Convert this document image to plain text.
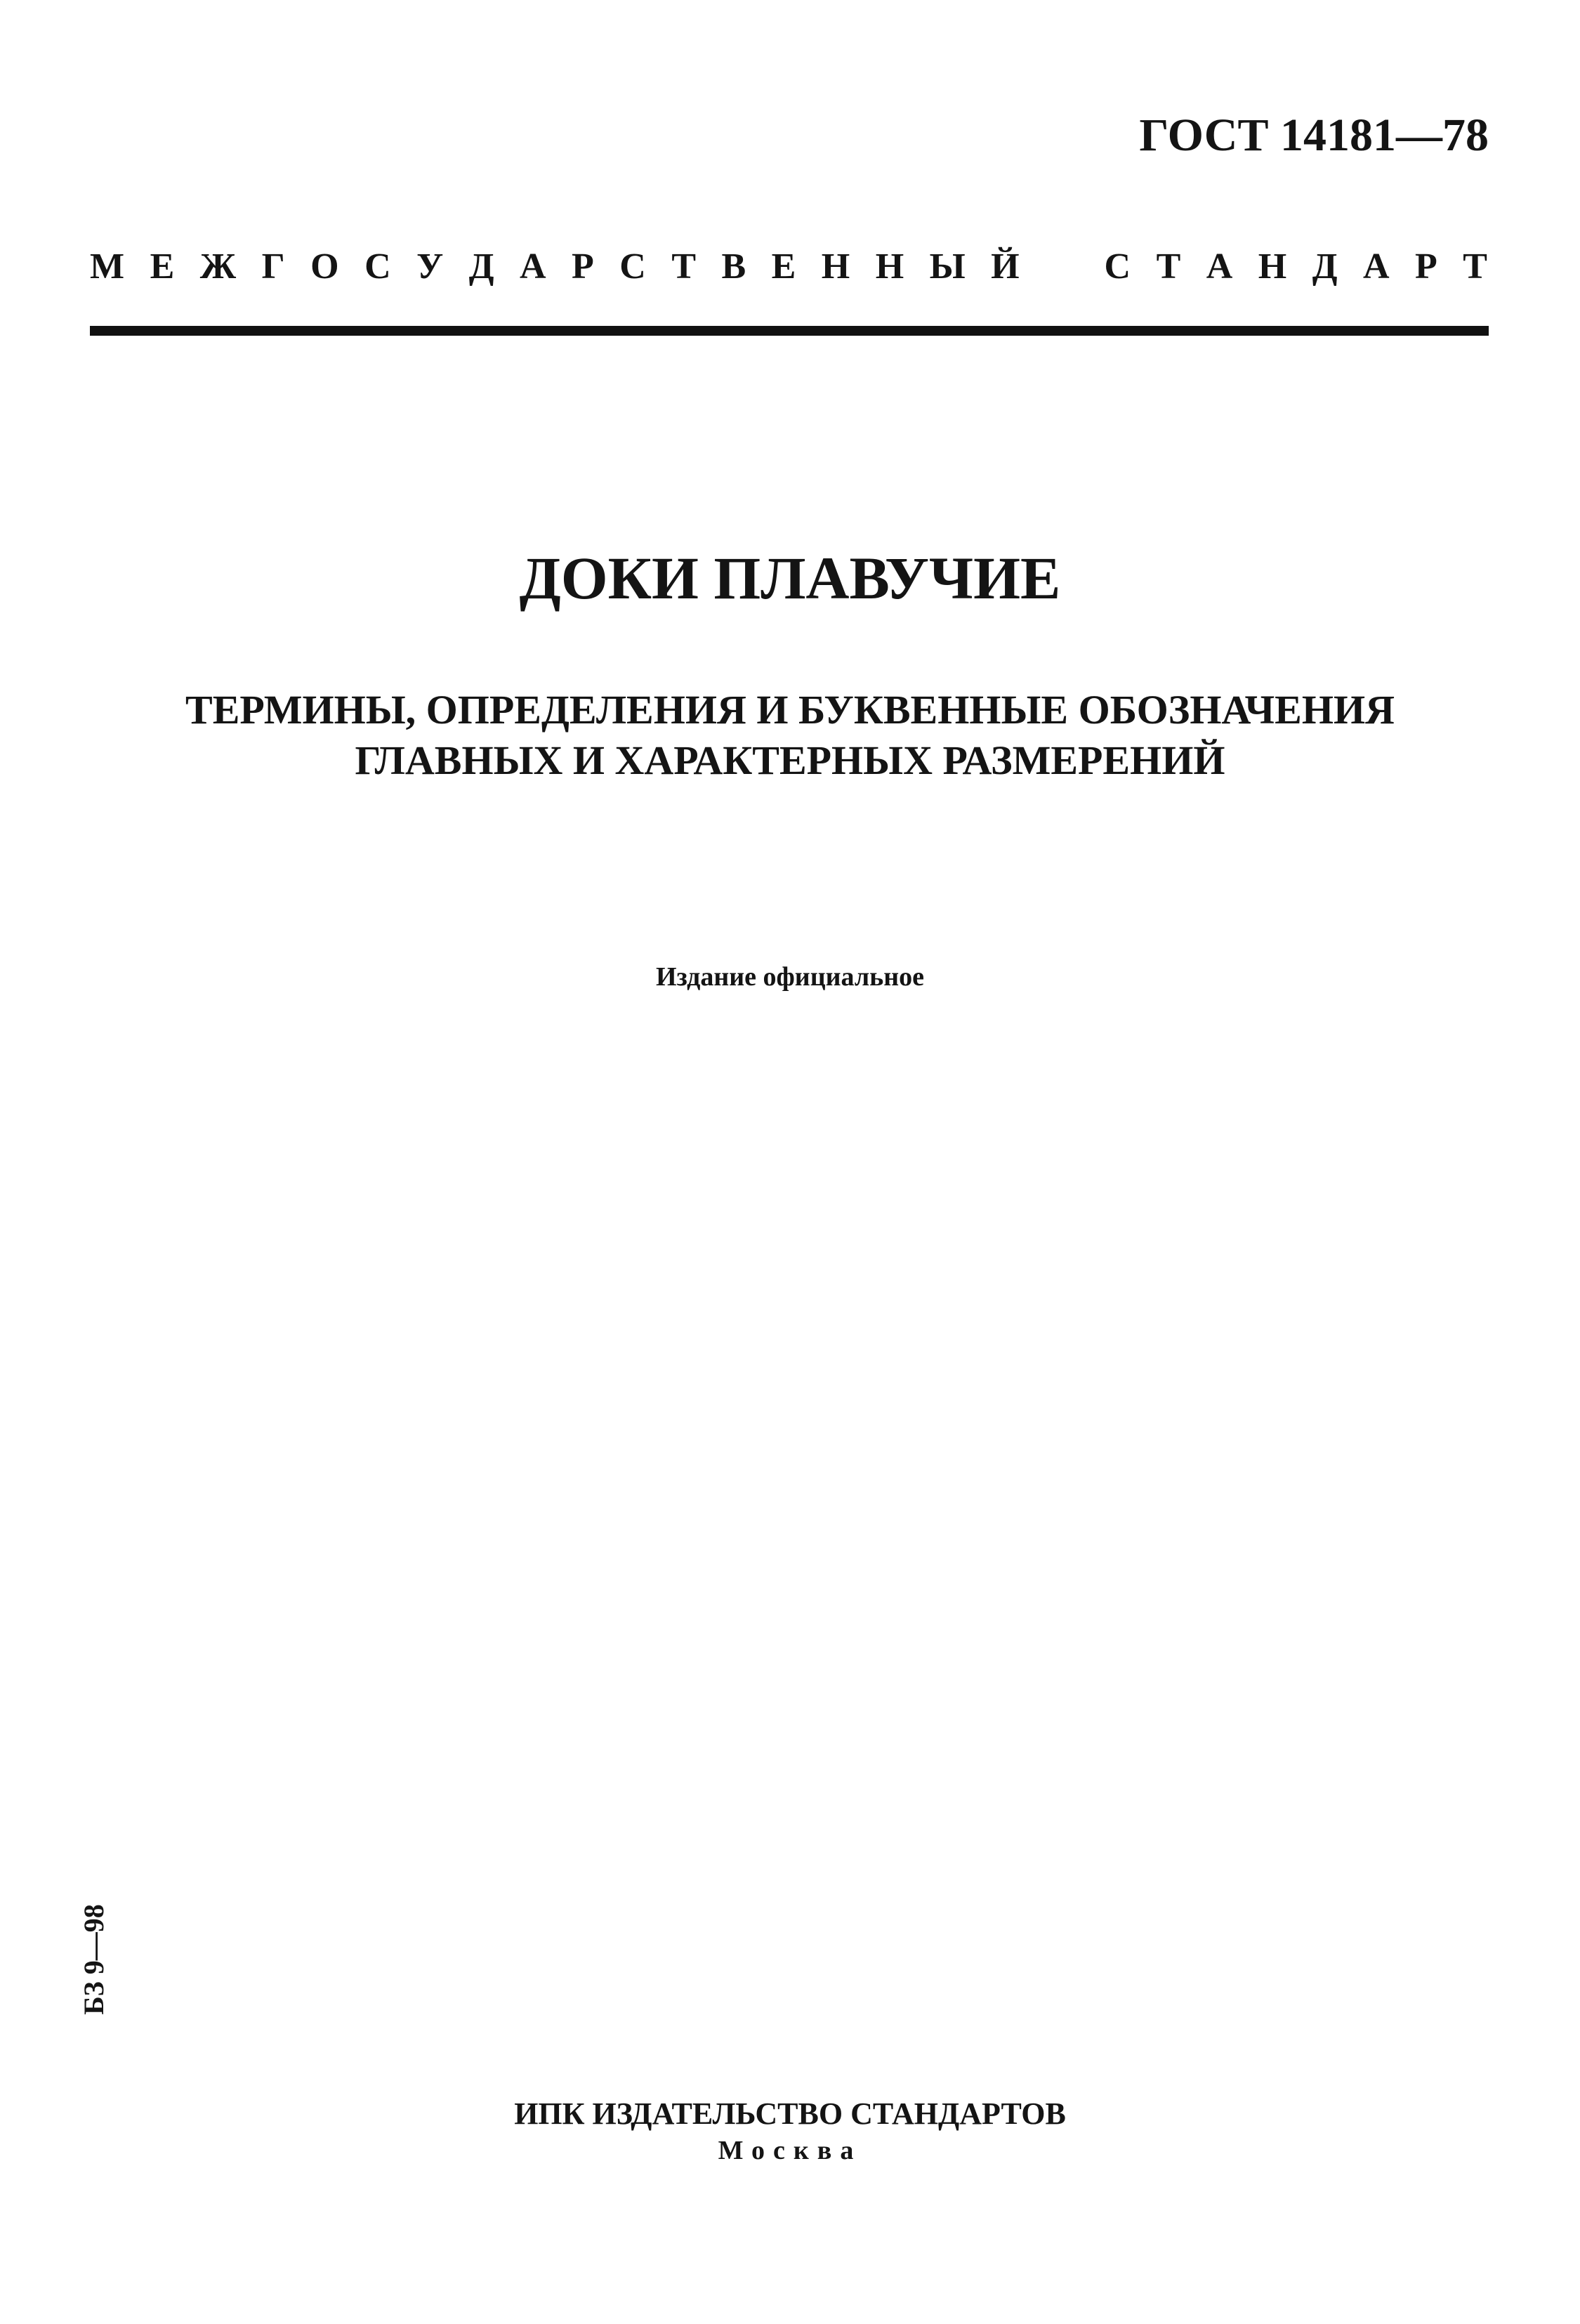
ГОСТ 14181—78
М Е Ж Г О С У Д А Р С Т В Е Н Н Ы Й С Т А Н Д А Р Т
ДОКИ ПЛАВУЧИЕ
ТЕРМИНЫ, ОПРЕДЕЛЕНИЯ И БУКВЕННЫЕ ОБОЗНАЧЕНИЯ
ГЛАВНЫХ И ХАРАКТЕРНЫХ РАЗМЕРЕНИЙ
Издание официальное
БЗ 9—98
ИПК ИЗДАТЕЛЬСТВО СТАНДАРТОВ
Москва
